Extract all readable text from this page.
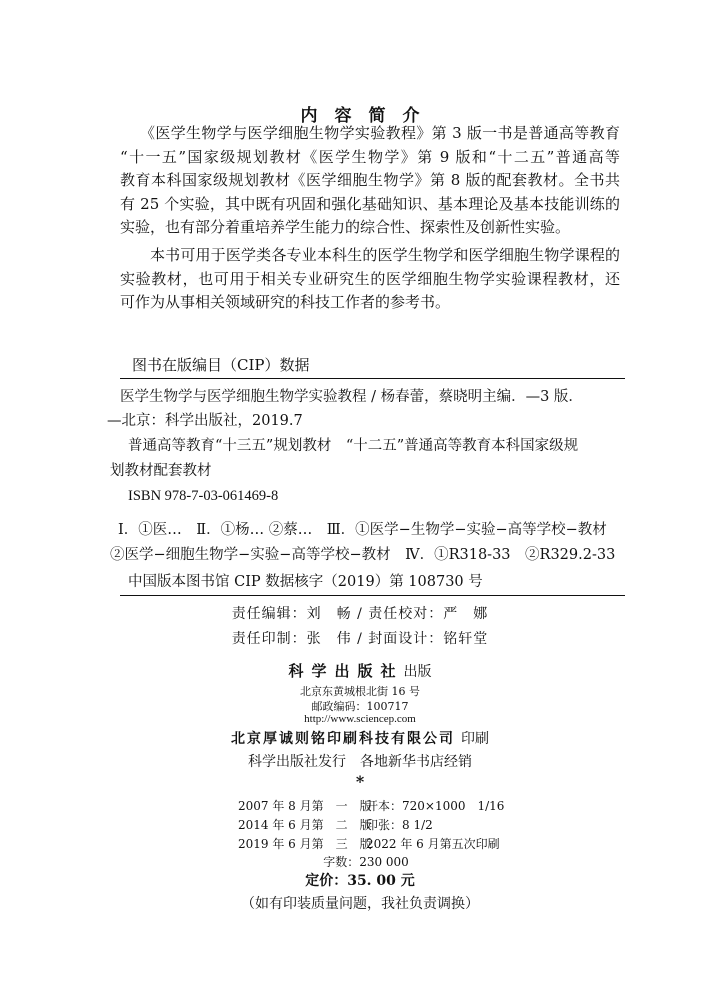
内容简介

《医学生物学与医学细胞生物学实验教程》第 3 版一书是普通高等教育
“十一五”国家级规划教材《医学生物学》第 9 版和“十二五”普通高等
教育本科国家级规划教材《医学细胞生物学》第 8 版的配套教材。全书共
有 25 个实验，其中既有巩固和强化基础知识、基本理论及基本技能训练的
实验，也有部分着重培养学生能力的综合性、探索性及创新性实验。

本书可用于医学类各专业本科生的医学生物学和医学细胞生物学课程的
实验教材，也可用于相关专业研究生的医学细胞生物学实验课程教材，还
可作为从事相关领域研究的科技工作者的参考书。

图书在版编目（CIP）数据

医学生物学与医学细胞生物学实验教程 / 杨春蕾，蔡晓明主编．—3 版．

—北京：科学出版社，2019.7

普通高等教育“十三五”规划教材　“十二五”普通高等教育本科国家级规

划教材配套教材

ISBN 978-7-03-061469-8

Ⅰ．①医…　Ⅱ．①杨… ②蔡…　Ⅲ．①医学−生物学−实验−高等学校−教材

②医学−细胞生物学−实验−高等学校−教材　Ⅳ．①R318-33　②R329.2-33

中国版本图书馆 CIP 数据核字（2019）第 108730 号

责任编辑：刘　畅 / 责任校对：严　娜

责任印制：张　伟 / 封面设计：铭轩堂

科学出版社出版

北京东黄城根北街 16 号

邮政编码：100717

http://www.sciencep.com

北京厚诚则铭印刷科技有限公司 印刷

科学出版社发行　各地新华书店经销

*

2007 年 8 月第　一　版
开本：720×1000　1/16
2014 年 6 月第　二　版
印张：8 1/2
2019 年 6 月第　三　版
2022 年 6 月第五次印刷

字数：230 000

定价：35. 00 元

（如有印装质量问题，我社负责调换）
